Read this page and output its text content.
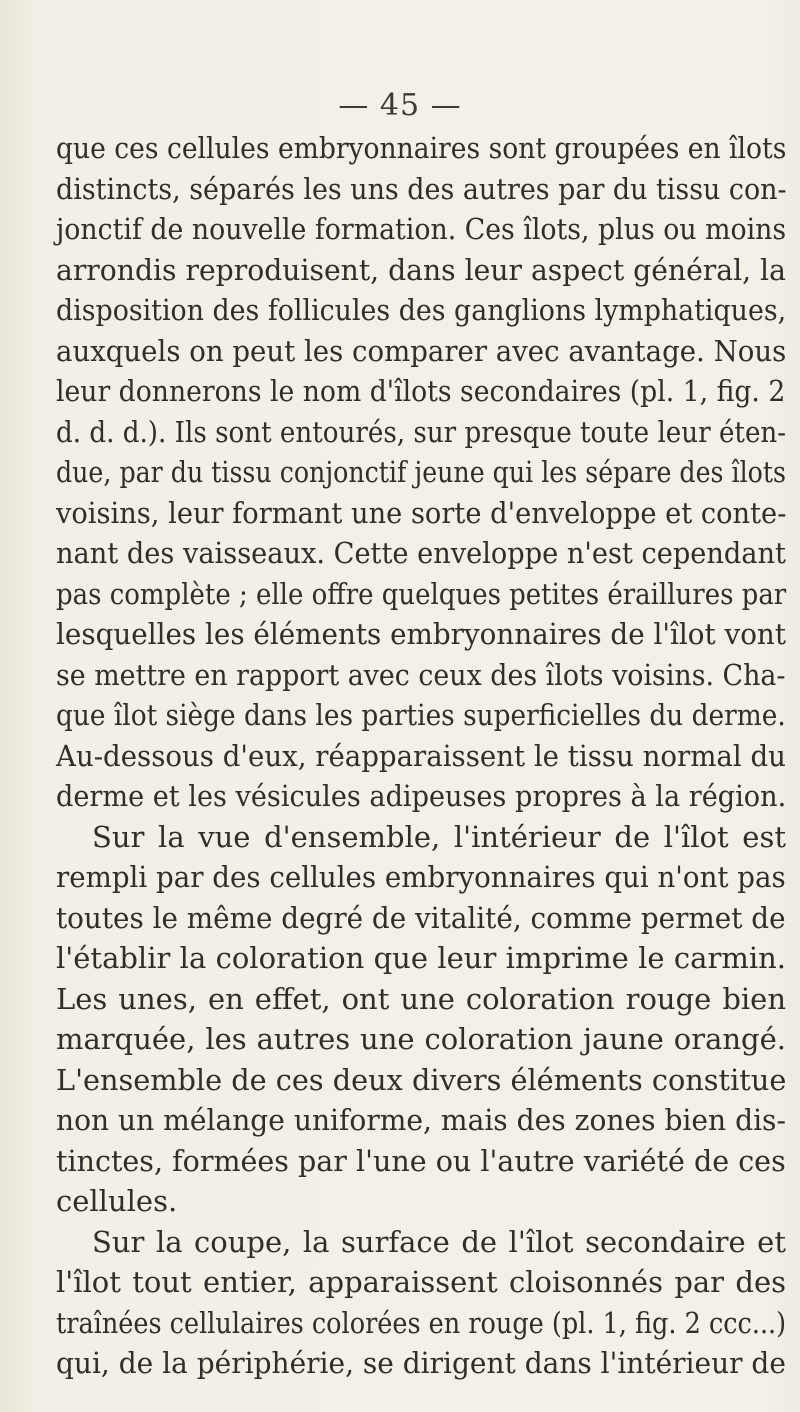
— 45 —
que ces cellules embryonnaires sont groupées en îlots
distincts, séparés les uns des autres par du tissu con-
jonctif de nouvelle formation. Ces îlots, plus ou moins
arrondis reproduisent, dans leur aspect général, la
disposition des follicules des ganglions lymphatiques,
auxquels on peut les comparer avec avantage. Nous
leur donnerons le nom d'îlots secondaires (pl. 1, fig. 2
d. d. d.). Ils sont entourés, sur presque toute leur éten-
due, par du tissu conjonctif jeune qui les sépare des îlots
voisins, leur formant une sorte d'enveloppe et conte-
nant des vaisseaux. Cette enveloppe n'est cependant
pas complète ; elle offre quelques petites éraillures par
lesquelles les éléments embryonnaires de l'îlot vont
se mettre en rapport avec ceux des îlots voisins. Cha-
que îlot siège dans les parties superficielles du derme.
Au-dessous d'eux, réapparaissent le tissu normal du
derme et les vésicules adipeuses propres à la région.
Sur la vue d'ensemble, l'intérieur de l'îlot est
rempli par des cellules embryonnaires qui n'ont pas
toutes le même degré de vitalité, comme permet de
l'établir la coloration que leur imprime le carmin.
Les unes, en effet, ont une coloration rouge bien
marquée, les autres une coloration jaune orangé.
L'ensemble de ces deux divers éléments constitue
non un mélange uniforme, mais des zones bien dis-
tinctes, formées par l'une ou l'autre variété de ces
cellules.
Sur la coupe, la surface de l'îlot secondaire et
l'îlot tout entier, apparaissent cloisonnés par des
traînées cellulaires colorées en rouge (pl. 1, fig. 2 ccc...)
qui, de la périphérie, se dirigent dans l'intérieur de
